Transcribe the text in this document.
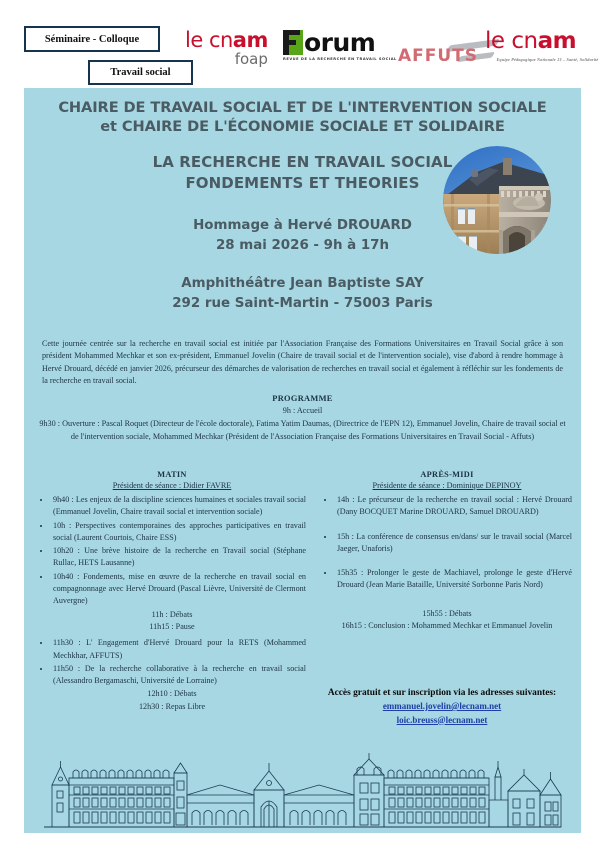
Séminaire - Colloque
Travail social
le cnam
foap
orum
REVUE DE LA RECHERCHE EN TRAVAIL SOCIAL AFFUTS
le cnam
Equipe Pédagogique Nationale 13 – Santé, Solidarité
CHAIRE DE TRAVAIL SOCIAL ET DE L'INTERVENTION SOCIALE
et CHAIRE DE L'ÉCONOMIE SOCIALE ET SOLIDAIRE
LA RECHERCHE EN TRAVAIL SOCIAL
FONDEMENTS ET THEORIES
Hommage à Hervé DROUARD
28 mai 2026 - 9h à 17h
Amphithéâtre Jean Baptiste SAY
292 rue Saint-Martin - 75003 Paris
Cette journée centrée sur la recherche en travail social est initiée par l'Association Française des Formations Universitaires en Travail Social grâce à son président Mohammed Mechkar et son ex-président, Emmanuel Jovelin (Chaire de travail social et de l'intervention sociale), vise d'abord à rendre hommage à Hervé Drouard, décédé en janvier 2026, précurseur des démarches de valorisation de recherches en travail social et également à réfléchir sur les fondements de la recherche en travail social.
PROGRAMME
9h : Accueil
9h30 : Ouverture : Pascal Roquet (Directeur de l'école doctorale), Fatima Yatim Daumas, (Directrice de l'EPN 12), Emmanuel Jovelin, Chaire de travail social et de l'intervention sociale, Mohammed Mechkar (Président de l'Association Française des Formations Universitaires en Travail Social - Affuts)
MATIN
Président de séance : Didier FAVRE
• 9h40 : Les enjeux de la discipline sciences humaines et sociales travail social (Emmanuel Jovelin, Chaire travail social et intervention sociale)
• 10h : Perspectives contemporaines des approches participatives en travail social (Laurent Courtois, Chaire ESS)
• 10h20 : Une brève histoire de la recherche en Travail social (Stéphane Rullac, HETS Lausanne)
• 10h40 : Fondements, mise en œuvre de la recherche en travail social en compagnonnage avec Hervé Drouard (Pascal Lièvre, Université de Clermont Auvergne)
11h : Débats
11h15 : Pause
• 11h30 : L' Engagement d'Hervé Drouard pour la RETS (Mohammed Mechkhar, AFFUTS)
• 11h50 : De la recherche collaborative à la recherche en travail social (Alessandro Bergamaschi, Université de Lorraine)
12h10 : Débats
12h30 : Repas Libre
APRÈS-MIDI
Présidente de séance : Dominique DEPINOY
• 14h : Le précurseur de la recherche en travail social : Hervé Drouard (Dany BOCQUET Marine DROUARD, Samuel DROUARD)
• 15h : La conférence de consensus en/dans/ sur le travail social (Marcel Jaeger, Unaforis)
• 15h35 : Prolonger le geste de Machiavel, prolonge le geste d'Hervé Drouard (Jean Marie Bataille, Université Sorbonne Paris Nord)
15h55 : Débats
16h15 : Conclusion : Mohammed Mechkar et Emmanuel Jovelin
Accès gratuit et sur inscription via les adresses suivantes:
emmanuel.jovelin@lecnam.net
loic.breuss@lecnam.net
